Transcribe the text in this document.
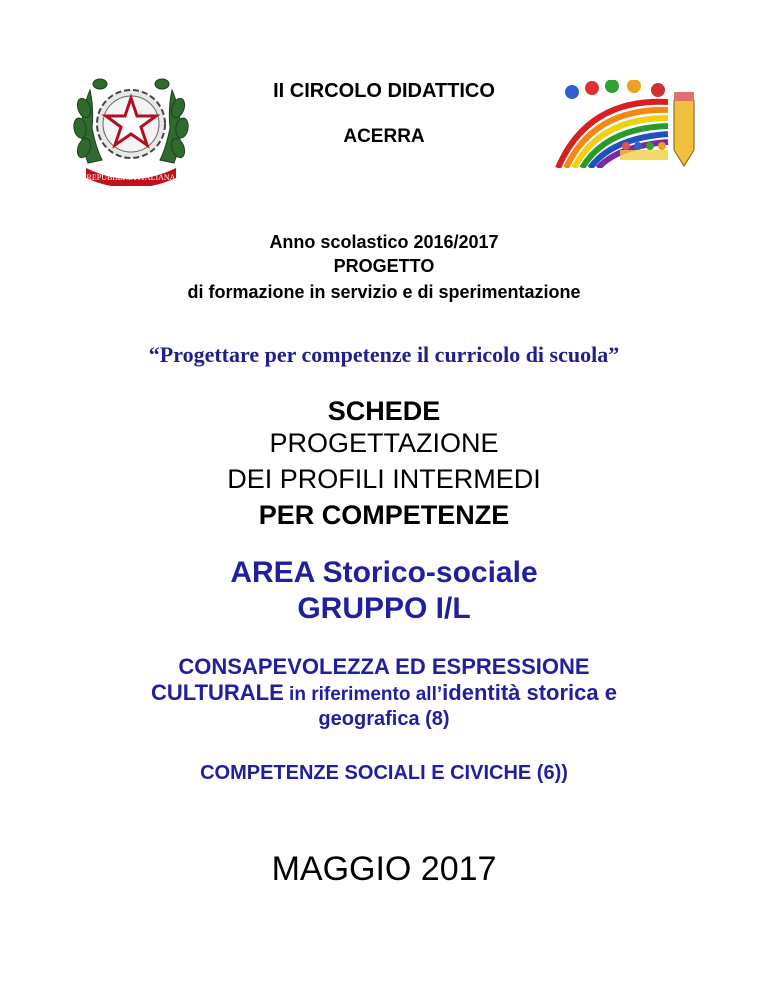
REPUBBLICA ITALIANA
II CIRCOLO DIDATTICO
ACERRA
Anno scolastico 2016/2017
PROGETTO
di formazione in servizio e di sperimentazione
“Progettare per competenze il curricolo di scuola”
SCHEDE
PROGETTAZIONE
DEI PROFILI INTERMEDI
PER COMPETENZE
AREA Storico-sociale
GRUPPO I/L
CONSAPEVOLEZZA ED ESPRESSIONE
CULTURALE in riferimento all’identità storica e
geografica (8)
COMPETENZE SOCIALI E CIVICHE (6))
MAGGIO 2017
